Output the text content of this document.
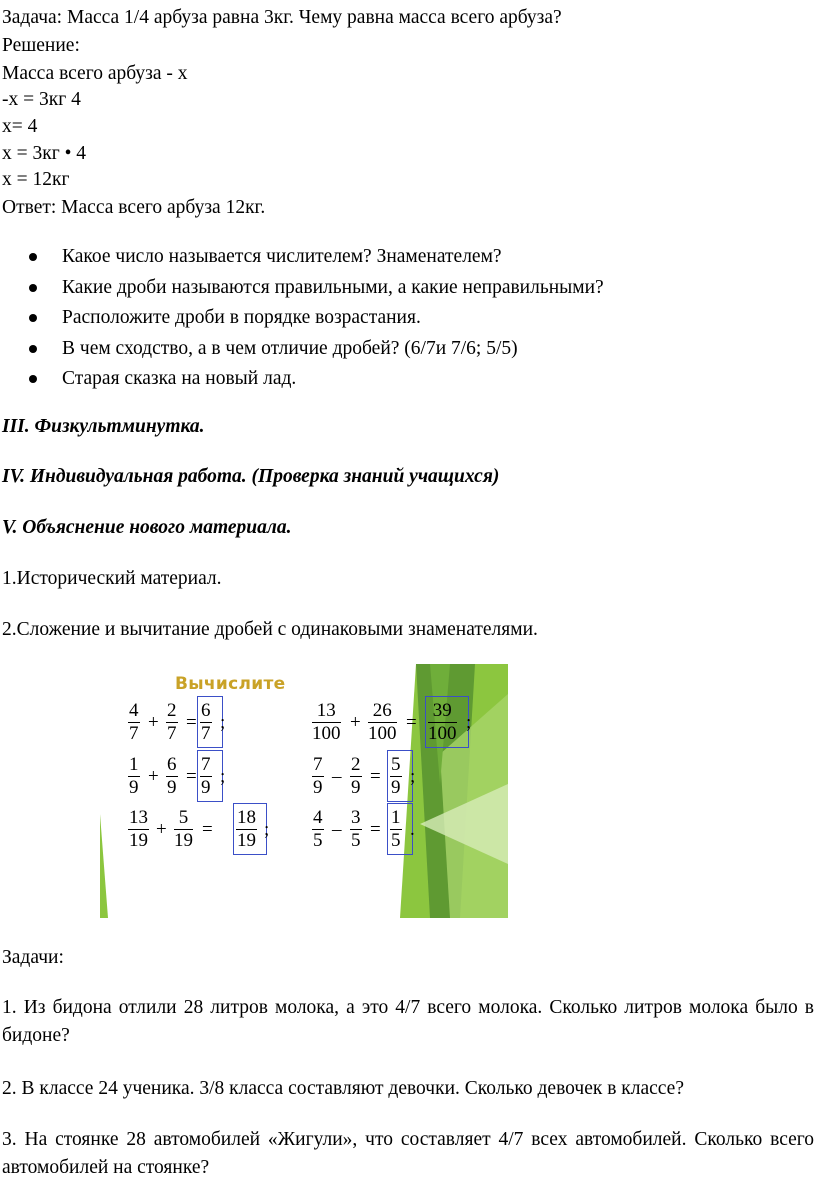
Задача: Масса 1/4 арбуза равна 3кг. Чему равна масса всего арбуза?
Решение:
Масса всего арбуза - х
-х = 3кг 4
х= 4
х = 3кг • 4
х = 12кг
Ответ: Масса всего арбуза 12кг.
Какое число называется числителем? Знаменателем?
Какие дроби называются правильными, а какие неправильными?
Расположите дроби в порядке возрастания.
В чем сходство, а в чем отличие дробей? (6/7и 7/6; 5/5)
Старая сказка на новый лад.
III. Физкультминутка.
IV. Индивидуальная работа. (Проверка знаний учащихся)
V. Объяснение нового материала.
1.Исторический материал.
2.Сложение и вычитание дробей с одинаковыми знаменателями.
Вычислите
$\frac{4}{7} + \frac{2}{7} = \frac{6}{7}$ ;
$\frac{1}{9} + \frac{6}{9} = \frac{7}{9}$ ;
$\frac{13}{19} + \frac{5}{19} = \frac{18}{19}$ ;
$\frac{13}{100} + \frac{26}{100} = \frac{39}{100}$ ;
$\frac{7}{9} - \frac{2}{9} = \frac{5}{9}$ ;
$\frac{4}{5} - \frac{3}{5} = \frac{1}{5}$ .
Задачи:
1. Из бидона отлили 28 литров молока, а это 4/7 всего молока. Сколько литров молока было в бидоне?
2. В классе 24 ученика. 3/8 класса составляют девочки. Сколько девочек в классе?
3. На стоянке 28 автомобилей «Жигули», что составляет 4/7 всех автомобилей. Сколько всего автомобилей на стоянке?
